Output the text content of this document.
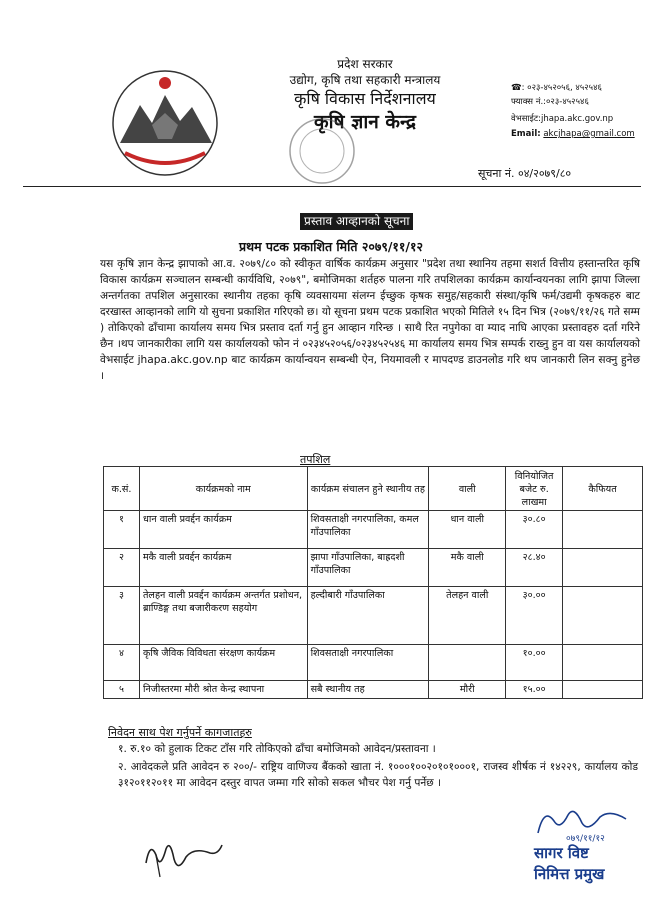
प्रदेश सरकार
उद्योग, कृषि तथा सहकारी मन्त्रालय
कृषि विकास निर्देशनालय
कृषि ज्ञान केन्द्र
☎: ०२३-४५२०५६, ४५२५४६
फ्याक्स नं.:०२३-४५२५४६
वेभसाईट:jhapa.akc.gov.np
Email: akcjhapa@gmail.com
सूचना नं. ०४/२०७९/८०
प्रस्ताव आव्हानको सूचना
प्रथम पटक प्रकाशित मिति २०७९/११/१२
यस कृषि ज्ञान केन्द्र झापाको आ.व. २०७९/८० को स्वीकृत वार्षिक कार्यक्रम अनुसार "प्रदेश तथा स्थानिय तहमा सशर्त वित्तीय हस्तान्तरित कृषि विकास कार्यक्रम सञ्चालन सम्बन्धी कार्यविधि, २०७९", बमोजिमका शर्तहरु पालना गरि तपशिलका कार्यक्रम कार्यान्वयनका लागि झापा जिल्ला अन्तर्गतका तपशिल अनुसारका स्थानीय तहका कृषि व्यवसायमा संलग्न ईच्छुक कृषक समुह/सहकारी संस्था/कृषि फर्म/उद्यमी कृषकहरु बाट दरखास्त आव्हानको लागि यो सुचना प्रकाशित गरिएको छ। यो सूचना प्रथम पटक प्रकाशित भएको मितिले १५ दिन भित्र (२०७९/११/२६ गते सम्म ) तोकिएको ढाँचामा कार्यालय समय भित्र प्रस्ताव दर्ता गर्नु हुन आव्हान गरिन्छ । साथै रित नपुगेका वा म्याद नाघि आएका प्रस्तावहरु दर्ता गरिने छैन ।थप जानकारीका लागि यस कार्यालयको फोन नं ०२३४५२०५६/०२३४५२५४६ मा कार्यालय समय भित्र सम्पर्क राख्नु हुन वा यस कार्यालयको वेभसाईट jhapa.akc.gov.np बाट कार्यक्रम कार्यान्वयन सम्बन्धी ऐन, नियमावली र मापदण्ड डाउनलोड गरि थप जानकारी लिन सक्नु हुनेछ ।
तपशिल
क.सं.	कार्यक्रमको नाम	कार्यक्रम संचालन हुने स्थानीय तह	वाली	विनियोजित बजेट रु. लाखमा	कैफियत
१	धान वाली प्रवर्द्दन कार्यक्रम	शिवसताक्षी नगरपालिका, कमल गाँउपालिका	धान वाली	३०.८०	
२	मकै वाली प्रवर्द्दन कार्यक्रम	झापा गाँउपालिका, बाह्रदशी गाँउपालिका	मकै वाली	२८.४०	
३	तेलहन वाली प्रवर्द्दन कार्यक्रम अन्तर्गत प्रशोधन, ब्राण्डिङ्ग तथा बजारीकरण सहयोग	हल्दीबारी गाँउपालिका	तेलहन वाली	३०.००	
४	कृषि जैविक विविधता संरक्षण कार्यक्रम	शिवसताक्षी नगरपालिका		१०.००	
५	निजीस्तरमा मौरी श्रोत केन्द्र स्थापना	सबै स्थानीय तह	मौरी	१५.००	
निवेदन साथ पेश गर्नुपर्ने कागजातहरु
१. रु.१० को हुलाक टिकट टाँस गरि तोकिएको ढाँचा बमोजिमको आवेदन/प्रस्तावना ।
२. आवेदकले प्रति आवेदन रु २००/- राष्ट्रिय वाणिज्य बैंकको खाता नं. १०००१००२०१०१०००१, राजस्व शीर्षक नं १४२२९, कार्यालय कोड ३१२०११२०११ मा आवेदन दस्तुर वापत जम्मा गरि सोको सकल भौचर पेश गर्नु पर्नेछ ।
०७९/११/१२
सागर विष्ट
निमित्त प्रमुख
